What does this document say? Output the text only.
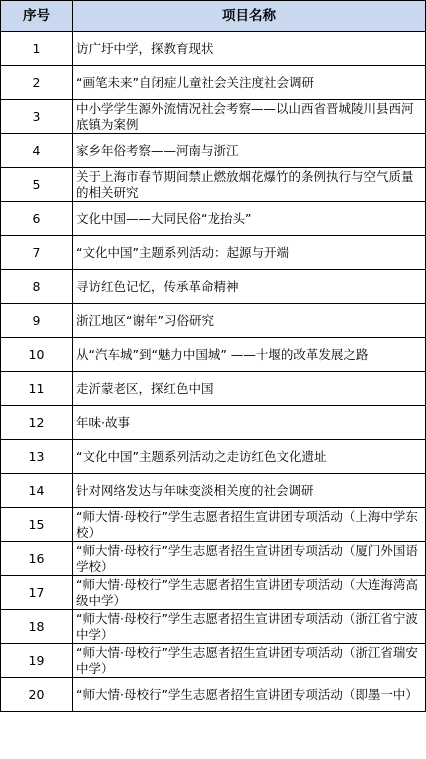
序号	项目名称
1	访广圩中学，探教育现状
2	“画笔未来”自闭症儿童社会关注度社会调研
3	中小学学生源外流情况社会考察——以山西省晋城陵川县西河底镇为案例
4	家乡年俗考察——河南与浙江
5	关于上海市春节期间禁止燃放烟花爆竹的条例执行与空气质量的相关研究
6	文化中国——大同民俗“龙抬头”
7	“文化中国”主题系列活动：起源与开端
8	寻访红色记忆，传承革命精神
9	浙江地区“谢年”习俗研究
10	从“汽车城”到“魅力中国城” ——十堰的改革发展之路
11	走沂蒙老区，探红色中国
12	年味·故事
13	“文化中国”主题系列活动之走访红色文化遗址
14	针对网络发达与年味变淡相关度的社会调研
15	“师大情·母校行”学生志愿者招生宣讲团专项活动（上海中学东校）
16	“师大情·母校行”学生志愿者招生宣讲团专项活动（厦门外国语学校）
17	“师大情·母校行”学生志愿者招生宣讲团专项活动（大连海湾高级中学）
18	“师大情·母校行”学生志愿者招生宣讲团专项活动（浙江省宁波中学）
19	“师大情·母校行”学生志愿者招生宣讲团专项活动（浙江省瑞安中学）
20	“师大情·母校行”学生志愿者招生宣讲团专项活动（即墨一中）
